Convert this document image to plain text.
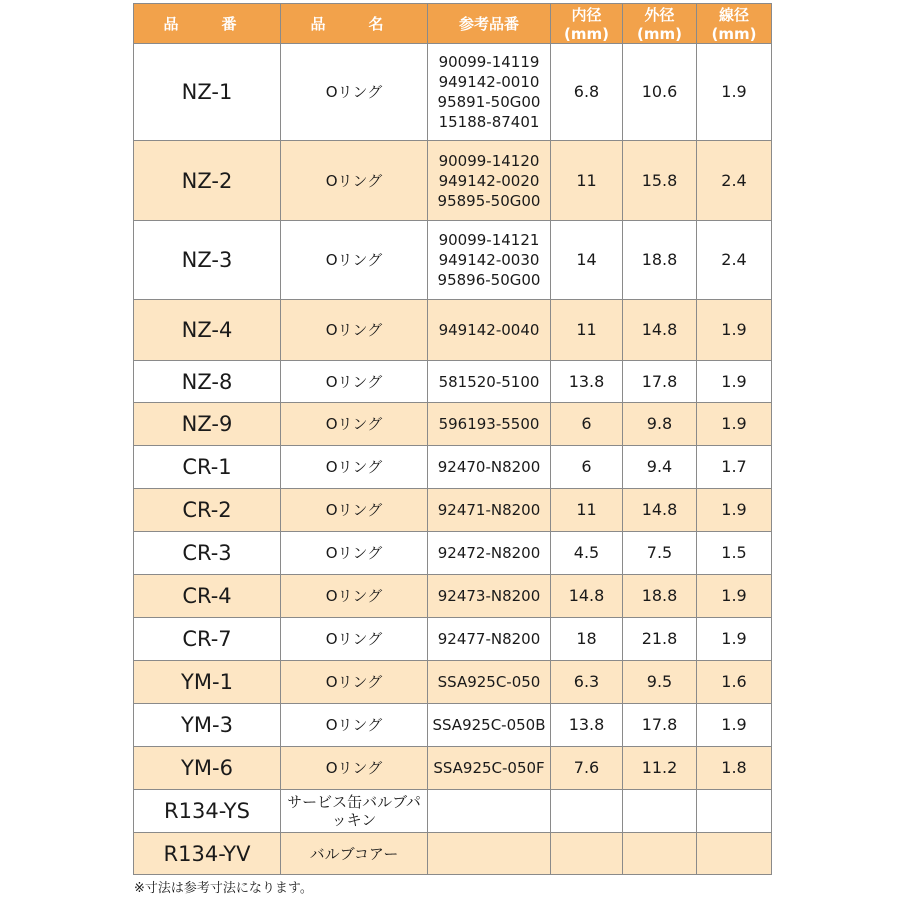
品　番	品　名	参考品番	内径(mm)	外径(mm)	線径(mm)
NZ-1	Oリング	90099-14119
949142-0010
95891-50G00
15188-87401	6.8	10.6	1.9
NZ-2	Oリング	90099-14120
949142-0020
95895-50G00	11	15.8	2.4
NZ-3	Oリング	90099-14121
949142-0030
95896-50G00	14	18.8	2.4
NZ-4	Oリング	949142-0040	11	14.8	1.9
NZ-8	Oリング	581520-5100	13.8	17.8	1.9
NZ-9	Oリング	596193-5500	6	9.8	1.9
CR-1	Oリング	92470-N8200	6	9.4	1.7
CR-2	Oリング	92471-N8200	11	14.8	1.9
CR-3	Oリング	92472-N8200	4.5	7.5	1.5
CR-4	Oリング	92473-N8200	14.8	18.8	1.9
CR-7	Oリング	92477-N8200	18	21.8	1.9
YM-1	Oリング	SSA925C-050	6.3	9.5	1.6
YM-3	Oリング	SSA925C-050B	13.8	17.8	1.9
YM-6	Oリング	SSA925C-050F	7.6	11.2	1.8
R134-YS	サービス缶バルブパッキン				
R134-YV	バルブコアー				
※寸法は参考寸法になります。
